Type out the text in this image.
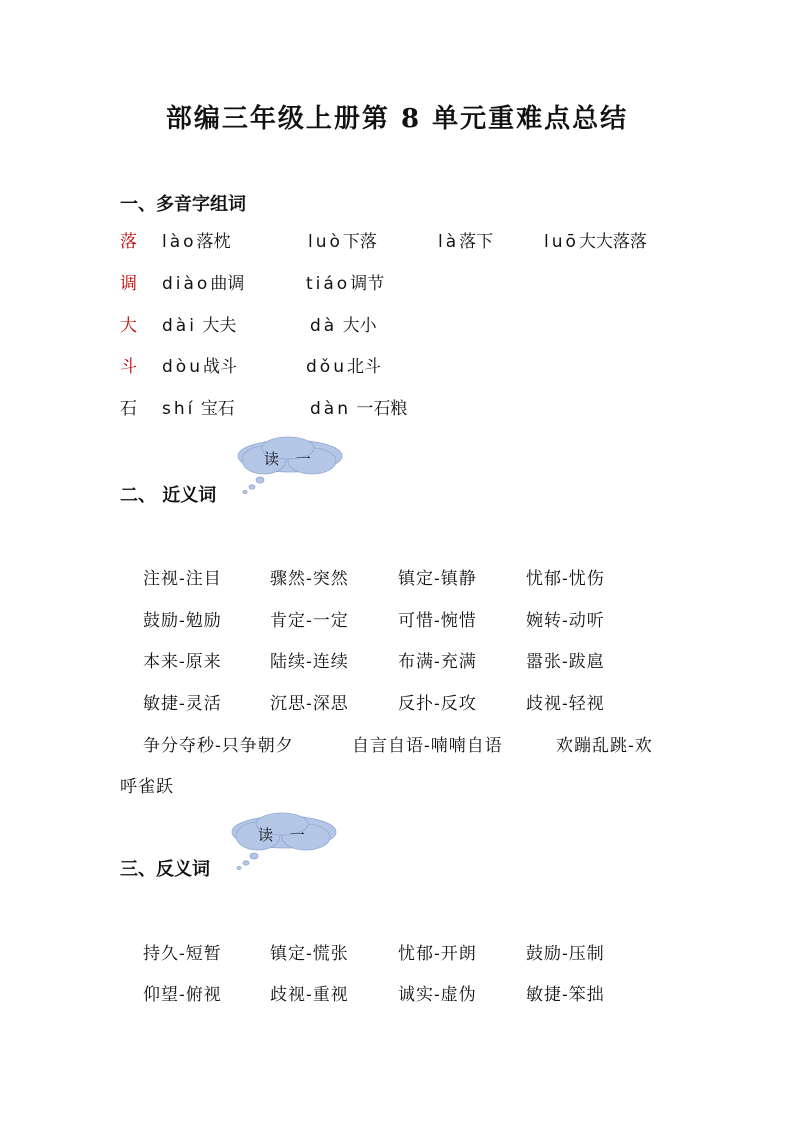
部编三年级上册第 8 单元重难点总结
一、多音字组词
落 lào落枕	luò下落	là落下	luō大大落落
调 diào曲调	tiáo调节
大 dài 大夫	dà 大小
斗 dòu战斗	dǒu北斗
石 shí 宝石	dàn 一石粮
读 一
二、 近义词
注视-注目	骤然-突然	镇定-镇静	忧郁-忧伤
鼓励-勉励	肯定-一定	可惜-惋惜	婉转-动听
本来-原来	陆续-连续	布满-充满	嚣张-跋扈
敏捷-灵活	沉思-深思	反扑-反攻	歧视-轻视
争分夺秒-只争朝夕	自言自语-喃喃自语	欢蹦乱跳-欢
呼雀跃
读 一
三、反义词
持久-短暂	镇定-慌张	忧郁-开朗	鼓励-压制
仰望-俯视	歧视-重视	诚实-虚伪	敏捷-笨拙
